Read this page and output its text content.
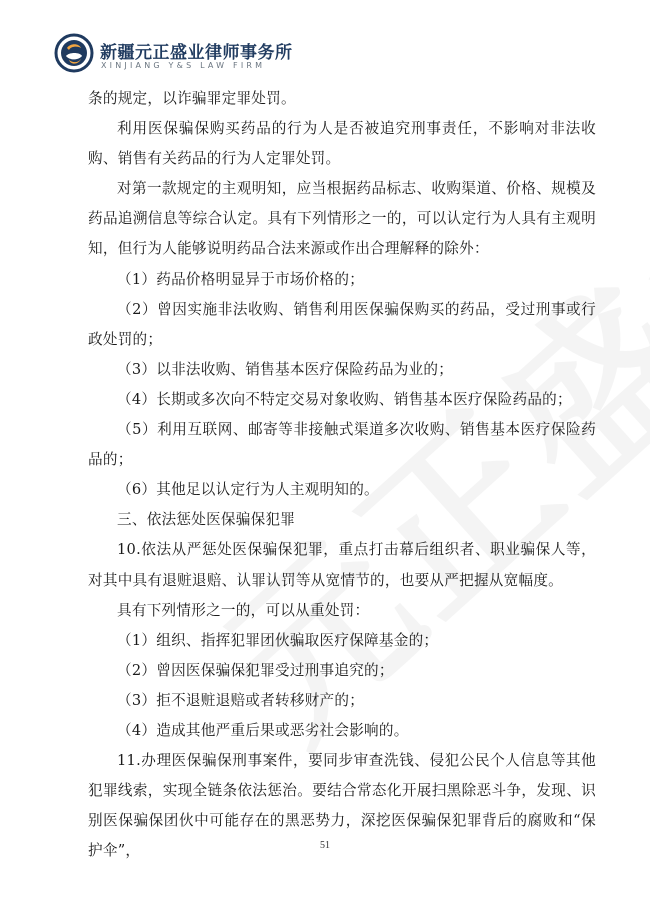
新疆元正盛业律师事务所
XINJIANG Y&S LAW FIRM

条的规定，以诈骗罪定罪处罚。

利用医保骗保购买药品的行为人是否被追究刑事责任，不影响对非法收购、销售有关药品的行为人定罪处罚。

对第一款规定的主观明知，应当根据药品标志、收购渠道、价格、规模及药品追溯信息等综合认定。具有下列情形之一的，可以认定行为人具有主观明知，但行为人能够说明药品合法来源或作出合理解释的除外：

（1）药品价格明显异于市场价格的；

（2）曾因实施非法收购、销售利用医保骗保购买的药品，受过刑事或行政处罚的；

（3）以非法收购、销售基本医疗保险药品为业的；

（4）长期或多次向不特定交易对象收购、销售基本医疗保险药品的；

（5）利用互联网、邮寄等非接触式渠道多次收购、销售基本医疗保险药品的；

（6）其他足以认定行为人主观明知的。

三、依法惩处医保骗保犯罪

10.依法从严惩处医保骗保犯罪，重点打击幕后组织者、职业骗保人等，对其中具有退赃退赔、认罪认罚等从宽情节的，也要从严把握从宽幅度。

具有下列情形之一的，可以从重处罚：

（1）组织、指挥犯罪团伙骗取医疗保障基金的；

（2）曾因医保骗保犯罪受过刑事追究的；

（3）拒不退赃退赔或者转移财产的；

（4）造成其他严重后果或恶劣社会影响的。

11.办理医保骗保刑事案件，要同步审查洗钱、侵犯公民个人信息等其他犯罪线索，实现全链条依法惩治。要结合常态化开展扫黑除恶斗争，发现、识别医保骗保团伙中可能存在的黑恶势力，深挖医保骗保犯罪背后的腐败和“保护伞”，	51
